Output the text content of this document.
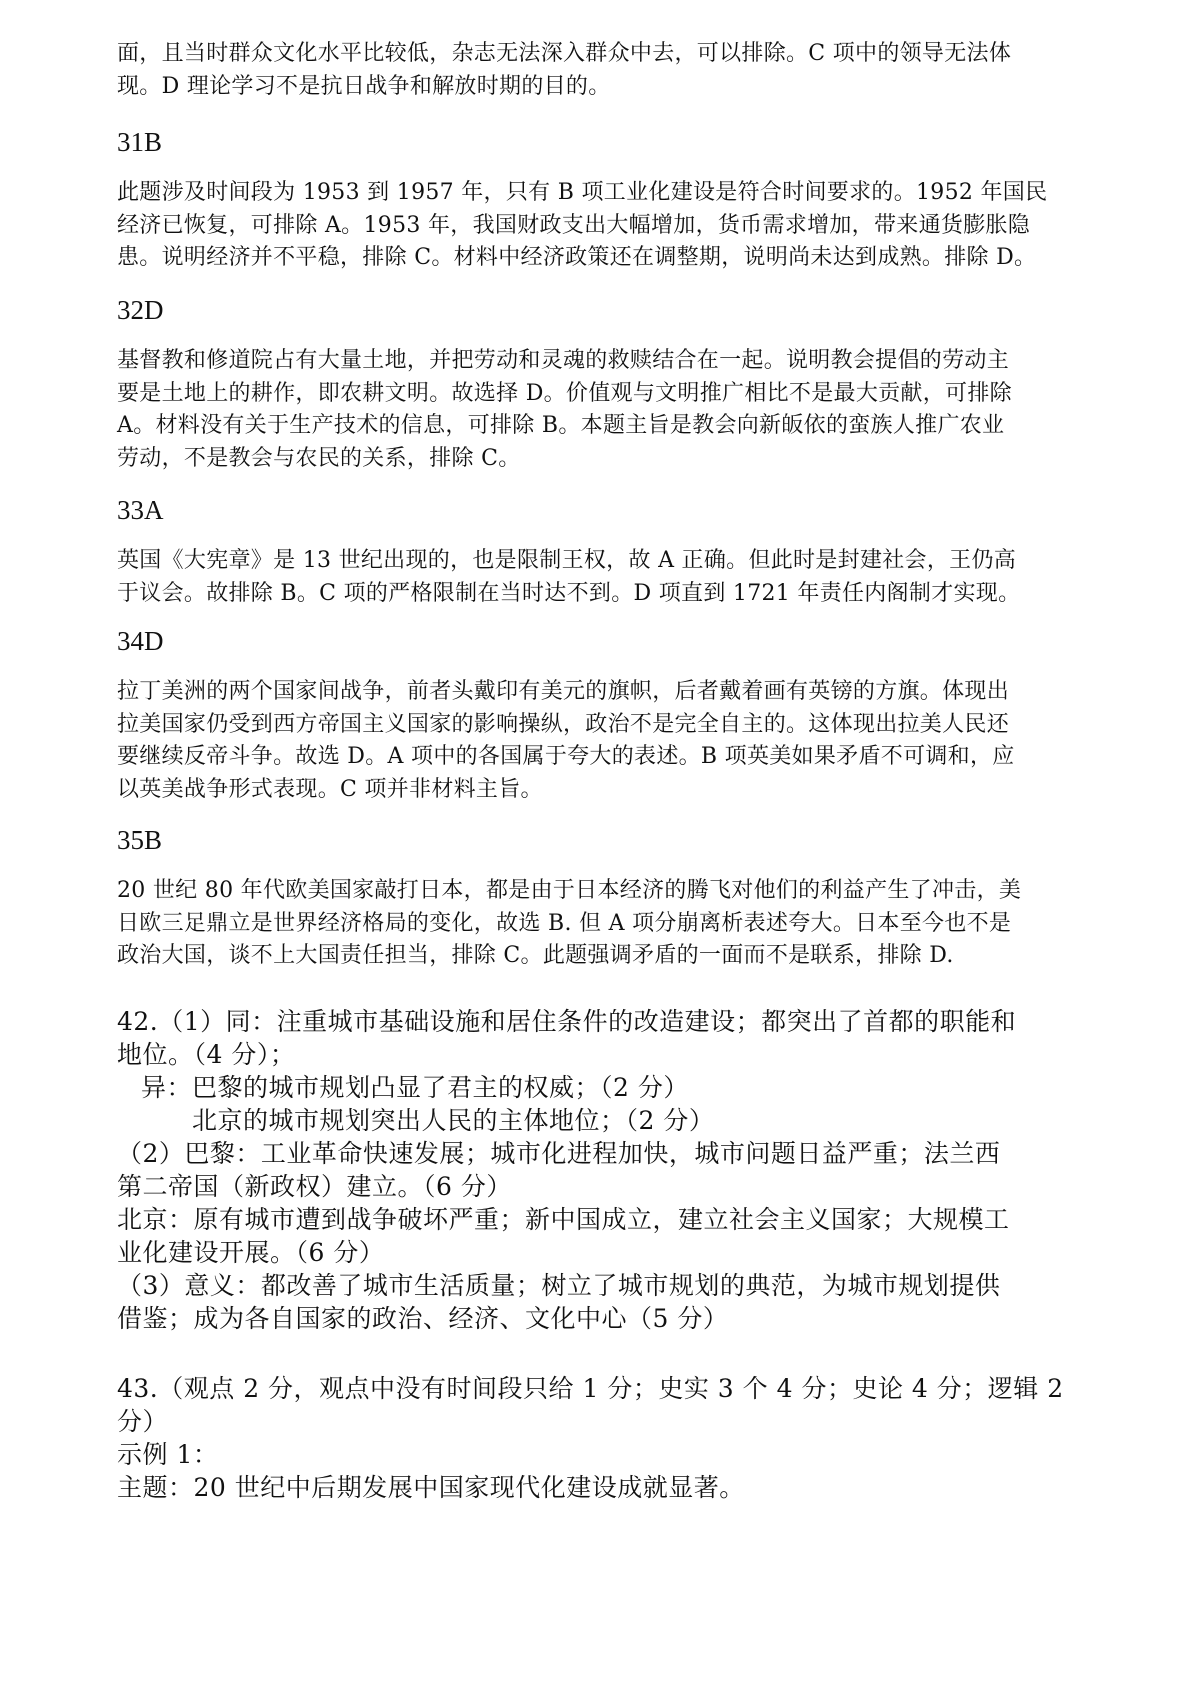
面，且当时群众文化水平比较低，杂志无法深入群众中去，可以排除。C 项中的领导无法体

现。D 理论学习不是抗日战争和解放时期的目的。

31B

此题涉及时间段为 1953 到 1957 年，只有 B 项工业化建设是符合时间要求的。1952 年国民

经济已恢复，可排除 A。1953 年，我国财政支出大幅增加，货币需求增加，带来通货膨胀隐

患。说明经济并不平稳，排除 C。材料中经济政策还在调整期，说明尚未达到成熟。排除 D。

32D

基督教和修道院占有大量土地，并把劳动和灵魂的救赎结合在一起。说明教会提倡的劳动主

要是土地上的耕作，即农耕文明。故选择 D。价值观与文明推广相比不是最大贡献，可排除

A。材料没有关于生产技术的信息，可排除 B。本题主旨是教会向新皈依的蛮族人推广农业

劳动，不是教会与农民的关系，排除 C。

33A

英国《大宪章》是 13 世纪出现的，也是限制王权，故 A 正确。但此时是封建社会，王仍高

于议会。故排除 B。C 项的严格限制在当时达不到。D 项直到 1721 年责任内阁制才实现。

34D

拉丁美洲的两个国家间战争，前者头戴印有美元的旗帜，后者戴着画有英镑的方旗。体现出

拉美国家仍受到西方帝国主义国家的影响操纵，政治不是完全自主的。这体现出拉美人民还

要继续反帝斗争。故选 D。A 项中的各国属于夸大的表述。B 项英美如果矛盾不可调和，应

以英美战争形式表现。C 项并非材料主旨。

35B

20 世纪 80 年代欧美国家敲打日本，都是由于日本经济的腾飞对他们的利益产生了冲击，美

日欧三足鼎立是世界经济格局的变化，故选 B. 但 A 项分崩离析表述夸大。日本至今也不是

政治大国，谈不上大国责任担当，排除 C。此题强调矛盾的一面而不是联系，排除 D.

42.（1）同：注重城市基础设施和居住条件的改造建设；都突出了首都的职能和

地位。（4 分）；

异：巴黎的城市规划凸显了君主的权威；（2 分）

北京的城市规划突出人民的主体地位；（2 分）

（2）巴黎：工业革命快速发展；城市化进程加快，城市问题日益严重；法兰西

第二帝国（新政权）建立。（6 分）

北京：原有城市遭到战争破坏严重；新中国成立，建立社会主义国家；大规模工

业化建设开展。（6 分）

（3）意义：都改善了城市生活质量；树立了城市规划的典范，为城市规划提供

借鉴；成为各自国家的政治、经济、文化中心（5 分）

43.（观点 2 分，观点中没有时间段只给 1 分；史实 3 个 4 分；史论 4 分；逻辑 2

分）

示例 1：

主题：20 世纪中后期发展中国家现代化建设成就显著。
